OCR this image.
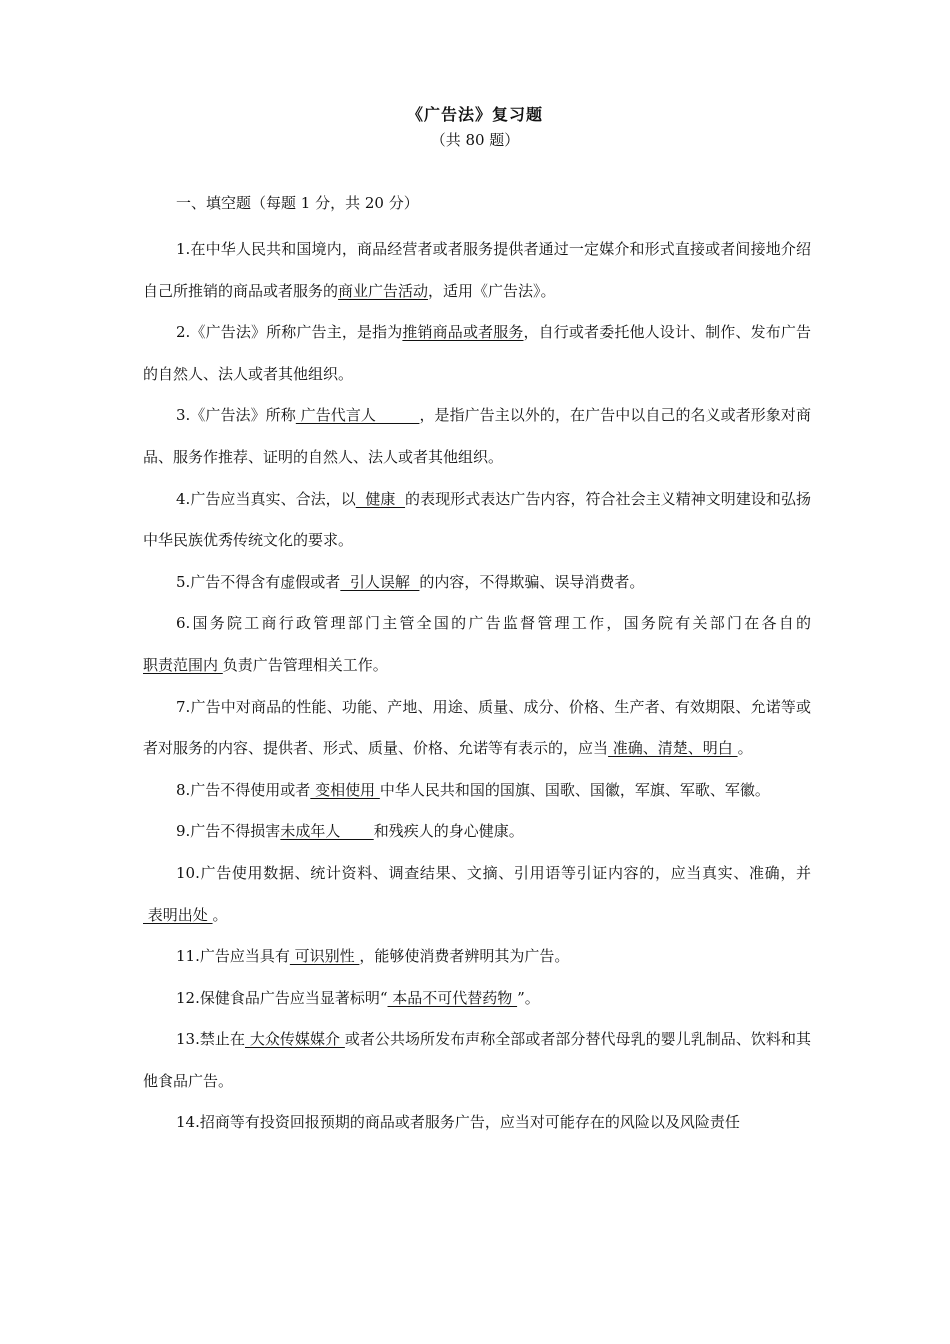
《广告法》复习题
（共 80 题）
一、填空题（每题 1 分，共 20 分）

1.在中华人民共和国境内，商品经营者或者服务提供者通过一定媒介和形式直接或者间接地介绍自己所推销的商品或者服务的商业广告活动，适用《广告法》。

2.《广告法》所称广告主，是指为推销商品或者服务，自行或者委托他人设计、制作、发布广告的自然人、法人或者其他组织。

3.《广告法》所称 广告代言人         ，是指广告主以外的，在广告中以自己的名义或者形象对商品、服务作推荐、证明的自然人、法人或者其他组织。

4.广告应当真实、合法，以  健康  的表现形式表达广告内容，符合社会主义精神文明建设和弘扬中华民族优秀传统文化的要求。

5.广告不得含有虚假或者  引人误解  的内容，不得欺骗、误导消费者。

6.国务院工商行政管理部门主管全国的广告监督管理工作，国务院有关部门在各自的职责范围内 负责广告管理相关工作。

7.广告中对商品的性能、功能、产地、用途、质量、成分、价格、生产者、有效期限、允诺等或者对服务的内容、提供者、形式、质量、价格、允诺等有表示的，应当 准确、清楚、明白 。

8.广告不得使用或者 变相使用 中华人民共和国的国旗、国歌、国徽，军旗、军歌、军徽。

9.广告不得损害未成年人       和残疾人的身心健康。

10.广告使用数据、统计资料、调查结果、文摘、引用语等引证内容的，应当真实、准确，并 表明出处 。

11.广告应当具有 可识别性 ，能够使消费者辨明其为广告。

12.保健食品广告应当显著标明“ 本品不可代替药物 ”。

13.禁止在 大众传媒媒介 或者公共场所发布声称全部或者部分替代母乳的婴儿乳制品、饮料和其他食品广告。

14.招商等有投资回报预期的商品或者服务广告，应当对可能存在的风险以及风险责任
